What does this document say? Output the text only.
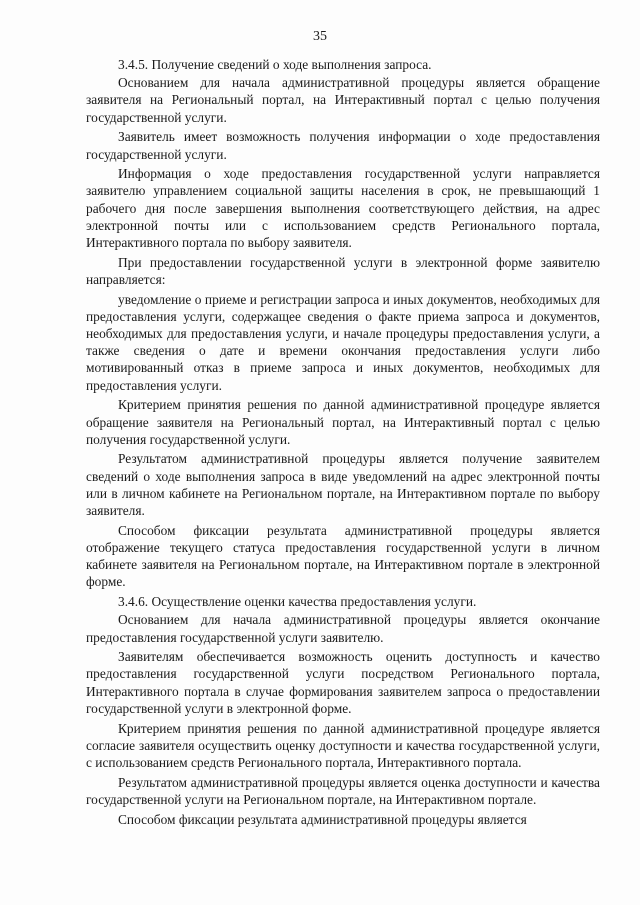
35

3.4.5. Получение сведений о ходе выполнения запроса.

Основанием для начала административной процедуры является обращение заявителя на Региональный портал, на Интерактивный портал с целью получения государственной услуги.

Заявитель имеет возможность получения информации о ходе предоставления государственной услуги.

Информация о ходе предоставления государственной услуги направляется заявителю управлением социальной защиты населения в срок, не превышающий 1 рабочего дня после завершения выполнения соответствующего действия, на адрес электронной почты или с использованием средств Регионального портала, Интерактивного портала по выбору заявителя.

При предоставлении государственной услуги в электронной форме заявителю направляется:

уведомление о приеме и регистрации запроса и иных документов, необходимых для предоставления услуги, содержащее сведения о факте приема запроса и документов, необходимых для предоставления услуги, и начале процедуры предоставления услуги, а также сведения о дате и времени окончания предоставления услуги либо мотивированный отказ в приеме запроса и иных документов, необходимых для предоставления услуги.

Критерием принятия решения по данной административной процедуре является обращение заявителя на Региональный портал, на Интерактивный портал с целью получения государственной услуги.

Результатом административной процедуры является получение заявителем сведений о ходе выполнения запроса в виде уведомлений на адрес электронной почты или в личном кабинете на Региональном портале, на Интерактивном портале по выбору заявителя.

Способом фиксации результата административной процедуры является отображение текущего статуса предоставления государственной услуги в личном кабинете заявителя на Региональном портале, на Интерактивном портале в электронной форме.

3.4.6. Осуществление оценки качества предоставления услуги.

Основанием для начала административной процедуры является окончание предоставления государственной услуги заявителю.

Заявителям обеспечивается возможность оценить доступность и качество предоставления государственной услуги посредством Регионального портала, Интерактивного портала в случае формирования заявителем запроса о предоставлении государственной услуги в электронной форме.

Критерием принятия решения по данной административной процедуре является согласие заявителя осуществить оценку доступности и качества государственной услуги, с использованием средств Регионального портала, Интерактивного портала.

Результатом административной процедуры является оценка доступности и качества государственной услуги на Региональном портале, на Интерактивном портале.

Способом фиксации результата административной процедуры является
